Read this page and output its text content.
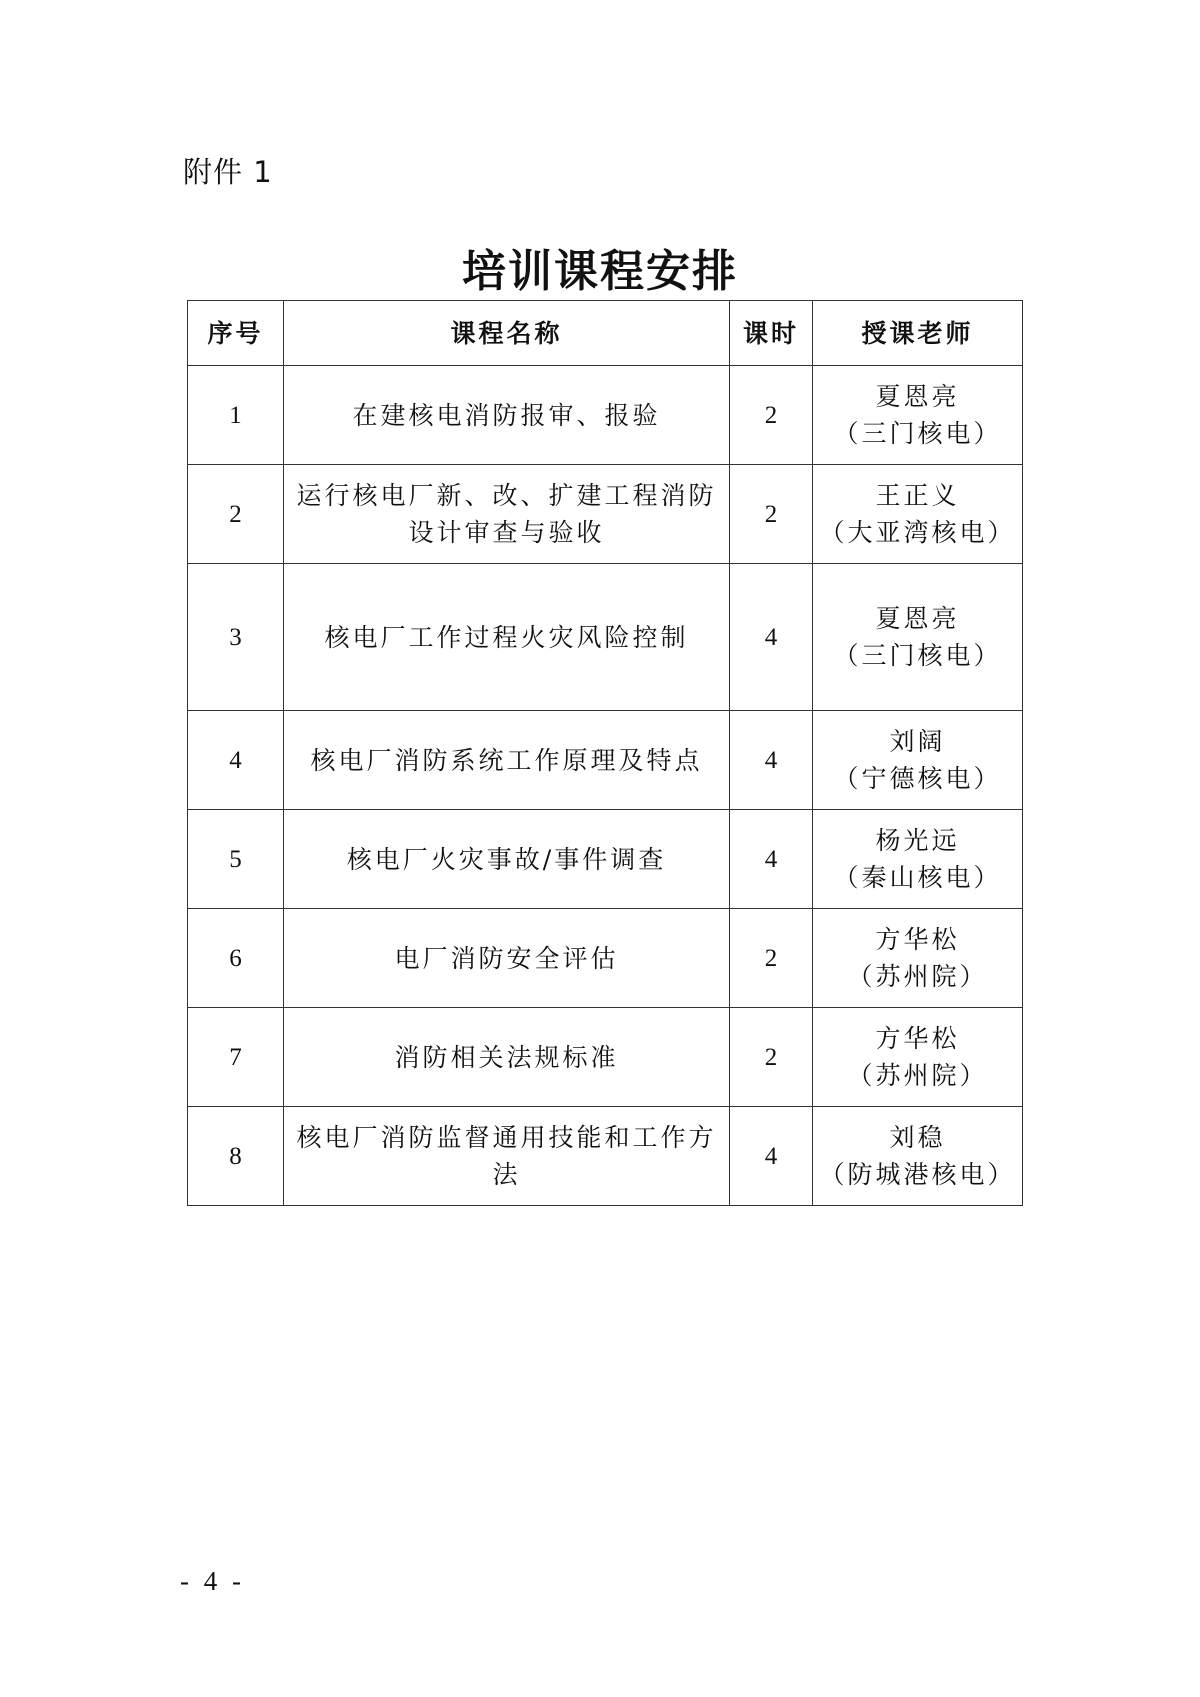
附件 1
培训课程安排
序号	课程名称	课时	授课老师
1	在建核电消防报审、报验	2	夏恩亮
（三门核电）

2	运行核电厂新、改、扩建工程消防设计审查与验收	2	王正义
（大亚湾核电）

3	核电厂工作过程火灾风险控制	4	夏恩亮
（三门核电）

4	核电厂消防系统工作原理及特点	4	刘阔
（宁德核电）

5	核电厂火灾事故/事件调查	4	杨光远
（秦山核电）

6	电厂消防安全评估	2	方华松
（苏州院）

7	消防相关法规标准	2	方华松
（苏州院）

8	核电厂消防监督通用技能和工作方法	4	刘稳
（防城港核电）
- 4 -
